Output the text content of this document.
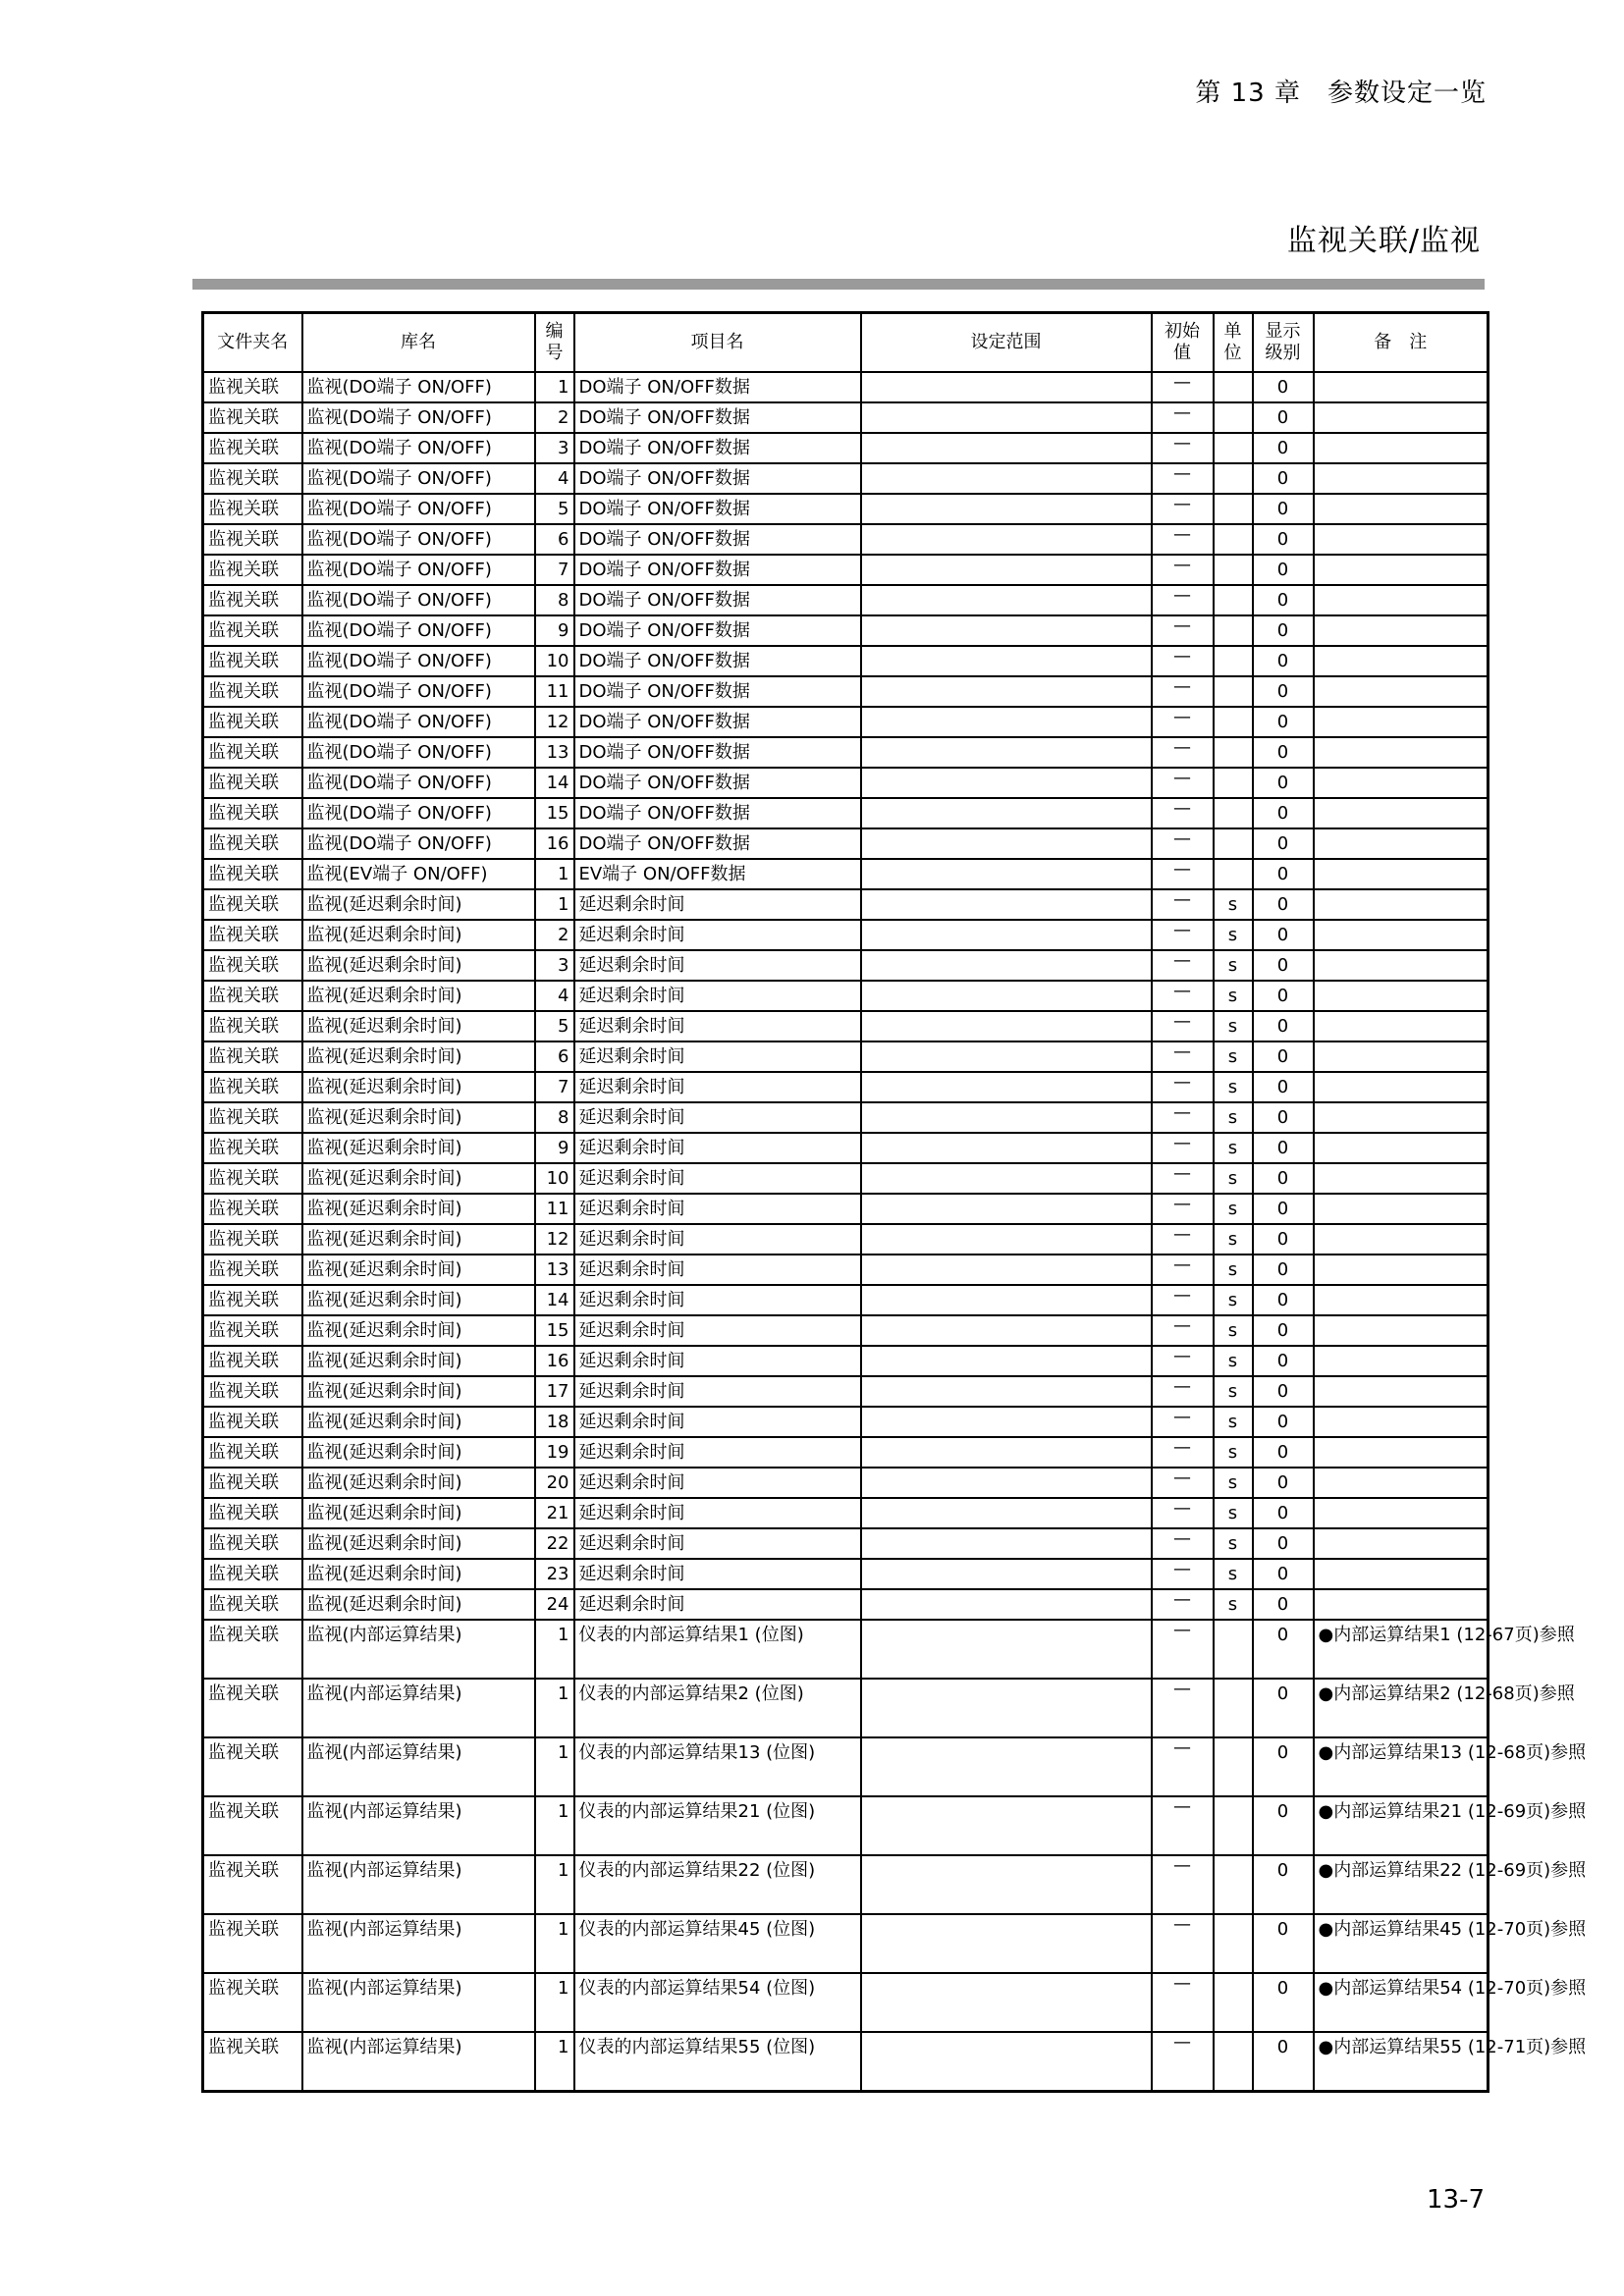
第 13 章　参数设定一览
监视关联/监视
文件夹名	库名	编号	项目名	设定范围	初始值	单位	显示级别	备　注
监视关联	监视(DO端子 ON/OFF)	1	DO端子 ON/OFF数据		—		0	
监视关联	监视(DO端子 ON/OFF)	2	DO端子 ON/OFF数据		—		0	
监视关联	监视(DO端子 ON/OFF)	3	DO端子 ON/OFF数据		—		0	
监视关联	监视(DO端子 ON/OFF)	4	DO端子 ON/OFF数据		—		0	
监视关联	监视(DO端子 ON/OFF)	5	DO端子 ON/OFF数据		—		0	
监视关联	监视(DO端子 ON/OFF)	6	DO端子 ON/OFF数据		—		0	
监视关联	监视(DO端子 ON/OFF)	7	DO端子 ON/OFF数据		—		0	
监视关联	监视(DO端子 ON/OFF)	8	DO端子 ON/OFF数据		—		0	
监视关联	监视(DO端子 ON/OFF)	9	DO端子 ON/OFF数据		—		0	
监视关联	监视(DO端子 ON/OFF)	10	DO端子 ON/OFF数据		—		0	
监视关联	监视(DO端子 ON/OFF)	11	DO端子 ON/OFF数据		—		0	
监视关联	监视(DO端子 ON/OFF)	12	DO端子 ON/OFF数据		—		0	
监视关联	监视(DO端子 ON/OFF)	13	DO端子 ON/OFF数据		—		0	
监视关联	监视(DO端子 ON/OFF)	14	DO端子 ON/OFF数据		—		0	
监视关联	监视(DO端子 ON/OFF)	15	DO端子 ON/OFF数据		—		0	
监视关联	监视(DO端子 ON/OFF)	16	DO端子 ON/OFF数据		—		0	
监视关联	监视(EV端子 ON/OFF)	1	EV端子 ON/OFF数据		—		0	
监视关联	监视(延迟剩余时间)	1	延迟剩余时间		—	s	0	
监视关联	监视(延迟剩余时间)	2	延迟剩余时间		—	s	0	
监视关联	监视(延迟剩余时间)	3	延迟剩余时间		—	s	0	
监视关联	监视(延迟剩余时间)	4	延迟剩余时间		—	s	0	
监视关联	监视(延迟剩余时间)	5	延迟剩余时间		—	s	0	
监视关联	监视(延迟剩余时间)	6	延迟剩余时间		—	s	0	
监视关联	监视(延迟剩余时间)	7	延迟剩余时间		—	s	0	
监视关联	监视(延迟剩余时间)	8	延迟剩余时间		—	s	0	
监视关联	监视(延迟剩余时间)	9	延迟剩余时间		—	s	0	
监视关联	监视(延迟剩余时间)	10	延迟剩余时间		—	s	0	
监视关联	监视(延迟剩余时间)	11	延迟剩余时间		—	s	0	
监视关联	监视(延迟剩余时间)	12	延迟剩余时间		—	s	0	
监视关联	监视(延迟剩余时间)	13	延迟剩余时间		—	s	0	
监视关联	监视(延迟剩余时间)	14	延迟剩余时间		—	s	0	
监视关联	监视(延迟剩余时间)	15	延迟剩余时间		—	s	0	
监视关联	监视(延迟剩余时间)	16	延迟剩余时间		—	s	0	
监视关联	监视(延迟剩余时间)	17	延迟剩余时间		—	s	0	
监视关联	监视(延迟剩余时间)	18	延迟剩余时间		—	s	0	
监视关联	监视(延迟剩余时间)	19	延迟剩余时间		—	s	0	
监视关联	监视(延迟剩余时间)	20	延迟剩余时间		—	s	0	
监视关联	监视(延迟剩余时间)	21	延迟剩余时间		—	s	0	
监视关联	监视(延迟剩余时间)	22	延迟剩余时间		—	s	0	
监视关联	监视(延迟剩余时间)	23	延迟剩余时间		—	s	0	
监视关联	监视(延迟剩余时间)	24	延迟剩余时间		—	s	0	
监视关联	监视(内部运算结果)	1	仪表的内部运算结果1 (位图)		—		0	●内部运算结果1 (12-67页)参照
监视关联	监视(内部运算结果)	1	仪表的内部运算结果2 (位图)		—		0	●内部运算结果2 (12-68页)参照
监视关联	监视(内部运算结果)	1	仪表的内部运算结果13 (位图)		—		0	●内部运算结果13 (12-68页)参照
监视关联	监视(内部运算结果)	1	仪表的内部运算结果21 (位图)		—		0	●内部运算结果21 (12-69页)参照
监视关联	监视(内部运算结果)	1	仪表的内部运算结果22 (位图)		—		0	●内部运算结果22 (12-69页)参照
监视关联	监视(内部运算结果)	1	仪表的内部运算结果45 (位图)		—		0	●内部运算结果45 (12-70页)参照
监视关联	监视(内部运算结果)	1	仪表的内部运算结果54 (位图)		—		0	●内部运算结果54 (12-70页)参照
监视关联	监视(内部运算结果)	1	仪表的内部运算结果55 (位图)		—		0	●内部运算结果55 (12-71页)参照
13-7
